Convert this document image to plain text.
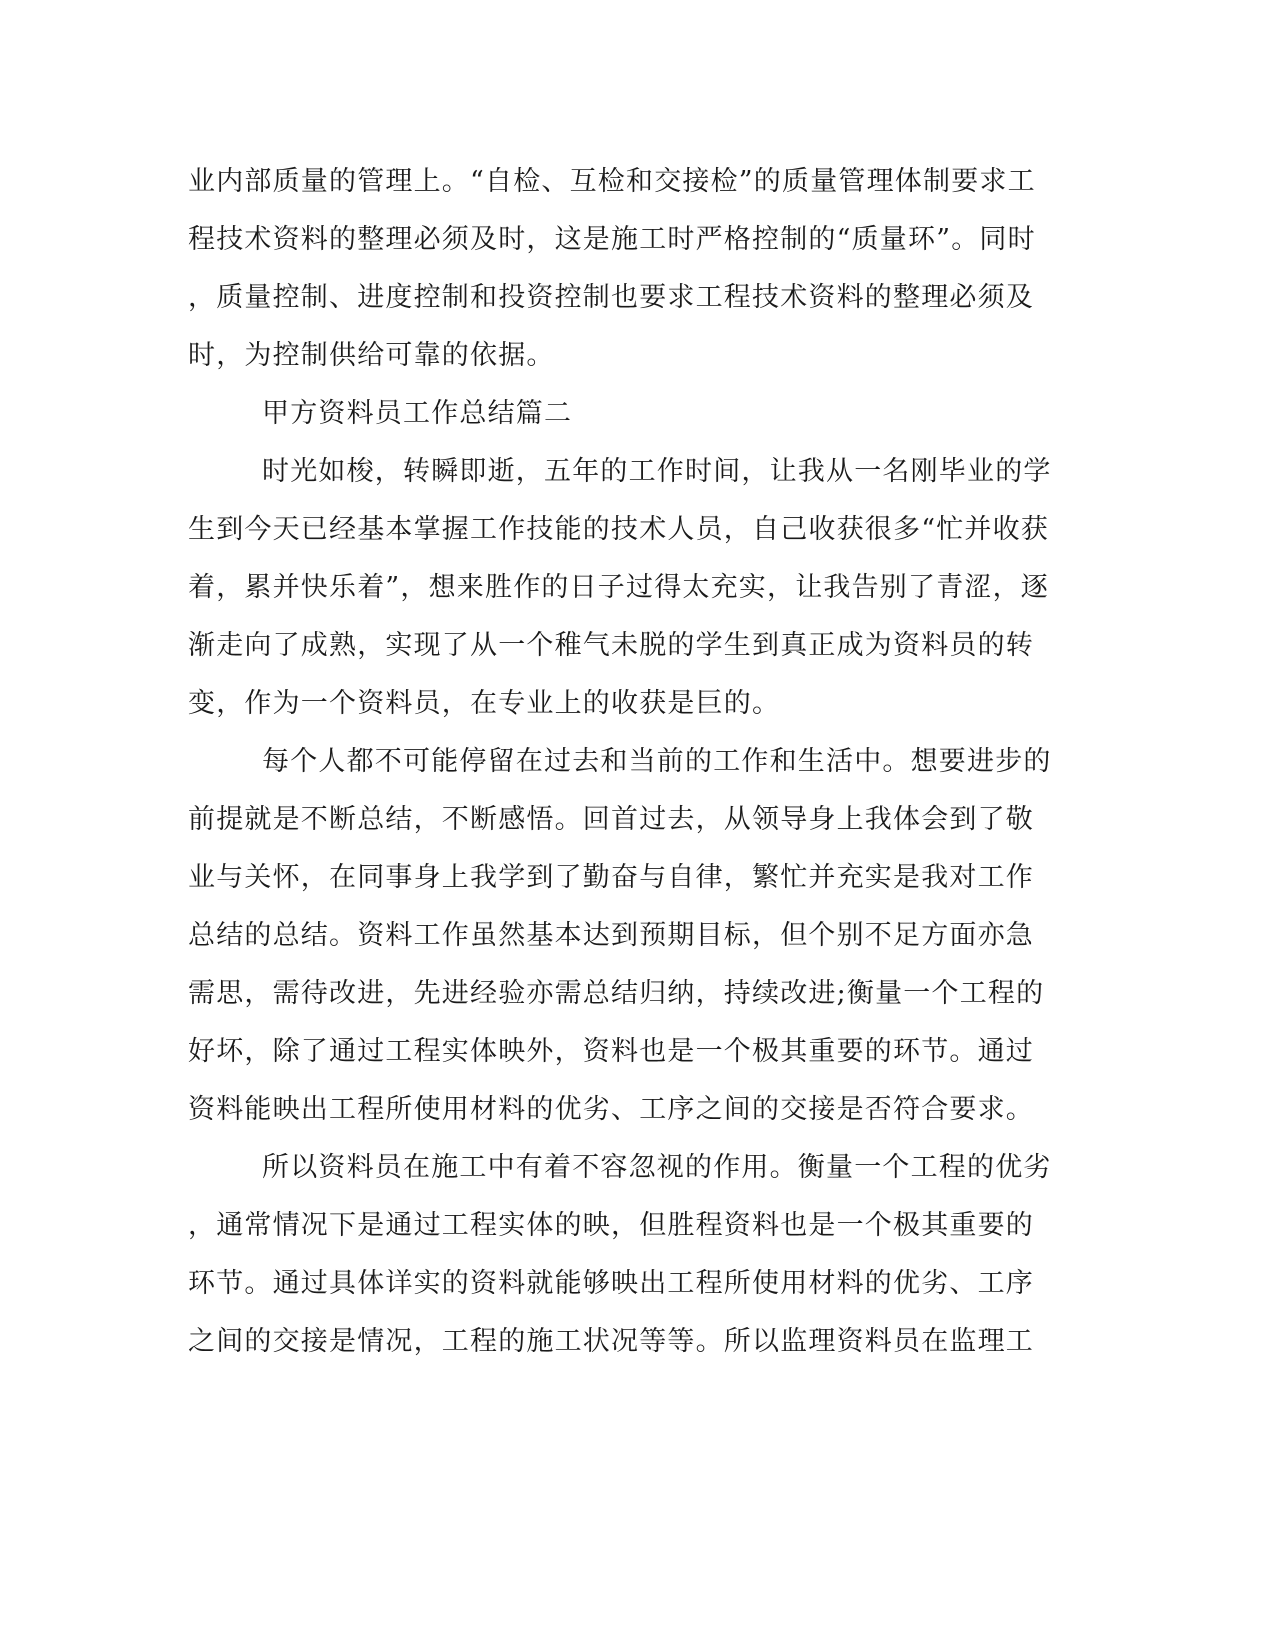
业内部质量的管理上。“自检、互检和交接检”的质量管理体制要求工
程技术资料的整理必须及时，这是施工时严格控制的“质量环”。同时
，质量控制、进度控制和投资控制也要求工程技术资料的整理必须及
时，为控制供给可靠的依据。
甲方资料员工作总结篇二
时光如梭，转瞬即逝，五年的工作时间，让我从一名刚毕业的学
生到今天已经基本掌握工作技能的技术人员，自己收获很多“忙并收获
着，累并快乐着”，想来胜作的日子过得太充实，让我告别了青涩，逐
渐走向了成熟，实现了从一个稚气未脱的学生到真正成为资料员的转
变，作为一个资料员，在专业上的收获是巨的。
每个人都不可能停留在过去和当前的工作和生活中。想要进步的
前提就是不断总结，不断感悟。回首过去，从领导身上我体会到了敬
业与关怀，在同事身上我学到了勤奋与自律，繁忙并充实是我对工作
总结的总结。资料工作虽然基本达到预期目标，但个别不足方面亦急
需思，需待改进，先进经验亦需总结归纳，持续改进;衡量一个工程的
好坏，除了通过工程实体映外，资料也是一个极其重要的环节。通过
资料能映出工程所使用材料的优劣、工序之间的交接是否符合要求。
所以资料员在施工中有着不容忽视的作用。衡量一个工程的优劣
，通常情况下是通过工程实体的映，但胜程资料也是一个极其重要的
环节。通过具体详实的资料就能够映出工程所使用材料的优劣、工序
之间的交接是情况，工程的施工状况等等。所以监理资料员在监理工
